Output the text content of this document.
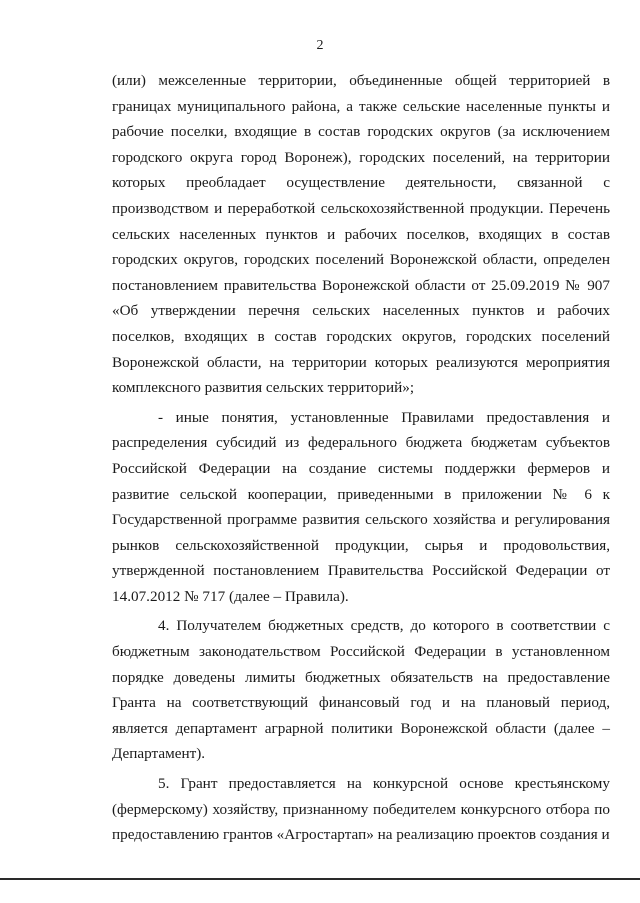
2

(или) межселенные территории, объединенные общей территорией в границах муниципального района, а также сельские населенные пункты и рабочие поселки, входящие в состав городских округов (за исключением городского округа город Воронеж), городских поселений, на территории которых преобладает осуществление деятельности, связанной с производством и переработкой сельскохозяйственной продукции. Перечень сельских населенных пунктов и рабочих поселков, входящих в состав городских округов, городских поселений Воронежской области, определен постановлением правительства Воронежской области от 25.09.2019 № 907 «Об утверждении перечня сельских населенных пунктов и рабочих поселков, входящих в состав городских округов, городских поселений Воронежской области, на территории которых реализуются мероприятия комплексного развития сельских территорий»;

- иные понятия, установленные Правилами предоставления и распределения субсидий из федерального бюджета бюджетам субъектов Российской Федерации на создание системы поддержки фермеров и развитие сельской кооперации, приведенными в приложении № 6 к Государственной программе развития сельского хозяйства и регулирования рынков сельскохозяйственной продукции, сырья и продовольствия, утвержденной постановлением Правительства Российской Федерации от 14.07.2012 № 717 (далее – Правила).

4. Получателем бюджетных средств, до которого в соответствии с бюджетным законодательством Российской Федерации в установленном порядке доведены лимиты бюджетных обязательств на предоставление Гранта на соответствующий финансовый год и на плановый период, является департамент аграрной политики Воронежской области (далее – Департамент).

5. Грант предоставляется на конкурсной основе крестьянскому (фермерскому) хозяйству, признанному победителем конкурсного отбора по предоставлению грантов «Агростартап» на реализацию проектов создания и
